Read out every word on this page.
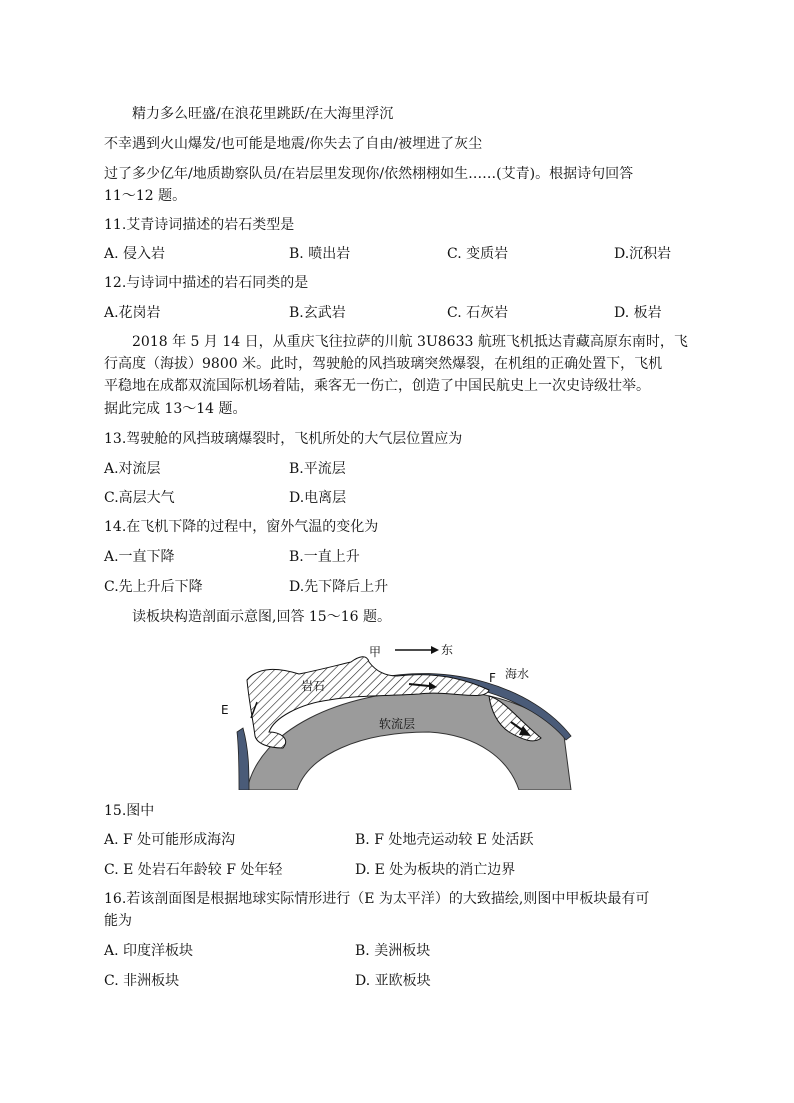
精力多么旺盛/在浪花里跳跃/在大海里浮沉
不幸遇到火山爆发/也可能是地震/你失去了自由/被埋进了灰尘
过了多少亿年/地质勘察队员/在岩层里发现你/依然栩栩如生……(艾青)。根据诗句回答
11～12 题。
11.艾青诗词描述的岩石类型是
A. 侵入岩	B. 喷出岩	C. 变质岩	D.沉积岩
12.与诗词中描述的岩石同类的是
A.花岗岩	B.玄武岩	C. 石灰岩	D. 板岩
2018 年 5 月 14 日，从重庆飞往拉萨的川航 3U8633 航班飞机抵达青藏高原东南时，飞
行高度（海拔）9800 米。此时，驾驶舱的风挡玻璃突然爆裂，在机组的正确处置下，飞机
平稳地在成都双流国际机场着陆，乘客无一伤亡，创造了中国民航史上一次史诗级壮举。
据此完成 13～14 题。
13.驾驶舱的风挡玻璃爆裂时，飞机所处的大气层位置应为
A.对流层	B.平流层
C.高层大气	D.电离层
14.在飞机下降的过程中，窗外气温的变化为
A.一直下降	B.一直上升
C.先上升后下降	D.先下降后上升
读板块构造剖面示意图,回答 15～16 题。
甲	东
岩石
F 海水
E
软流层
15.图中
A. F 处可能形成海沟	B. F 处地壳运动较 E 处活跃
C. E 处岩石年龄较 F 处年轻	D. E 处为板块的消亡边界
16.若该剖面图是根据地球实际情形进行（E 为太平洋）的大致描绘,则图中甲板块最有可
能为
A. 印度洋板块	B. 美洲板块
C. 非洲板块	D. 亚欧板块
